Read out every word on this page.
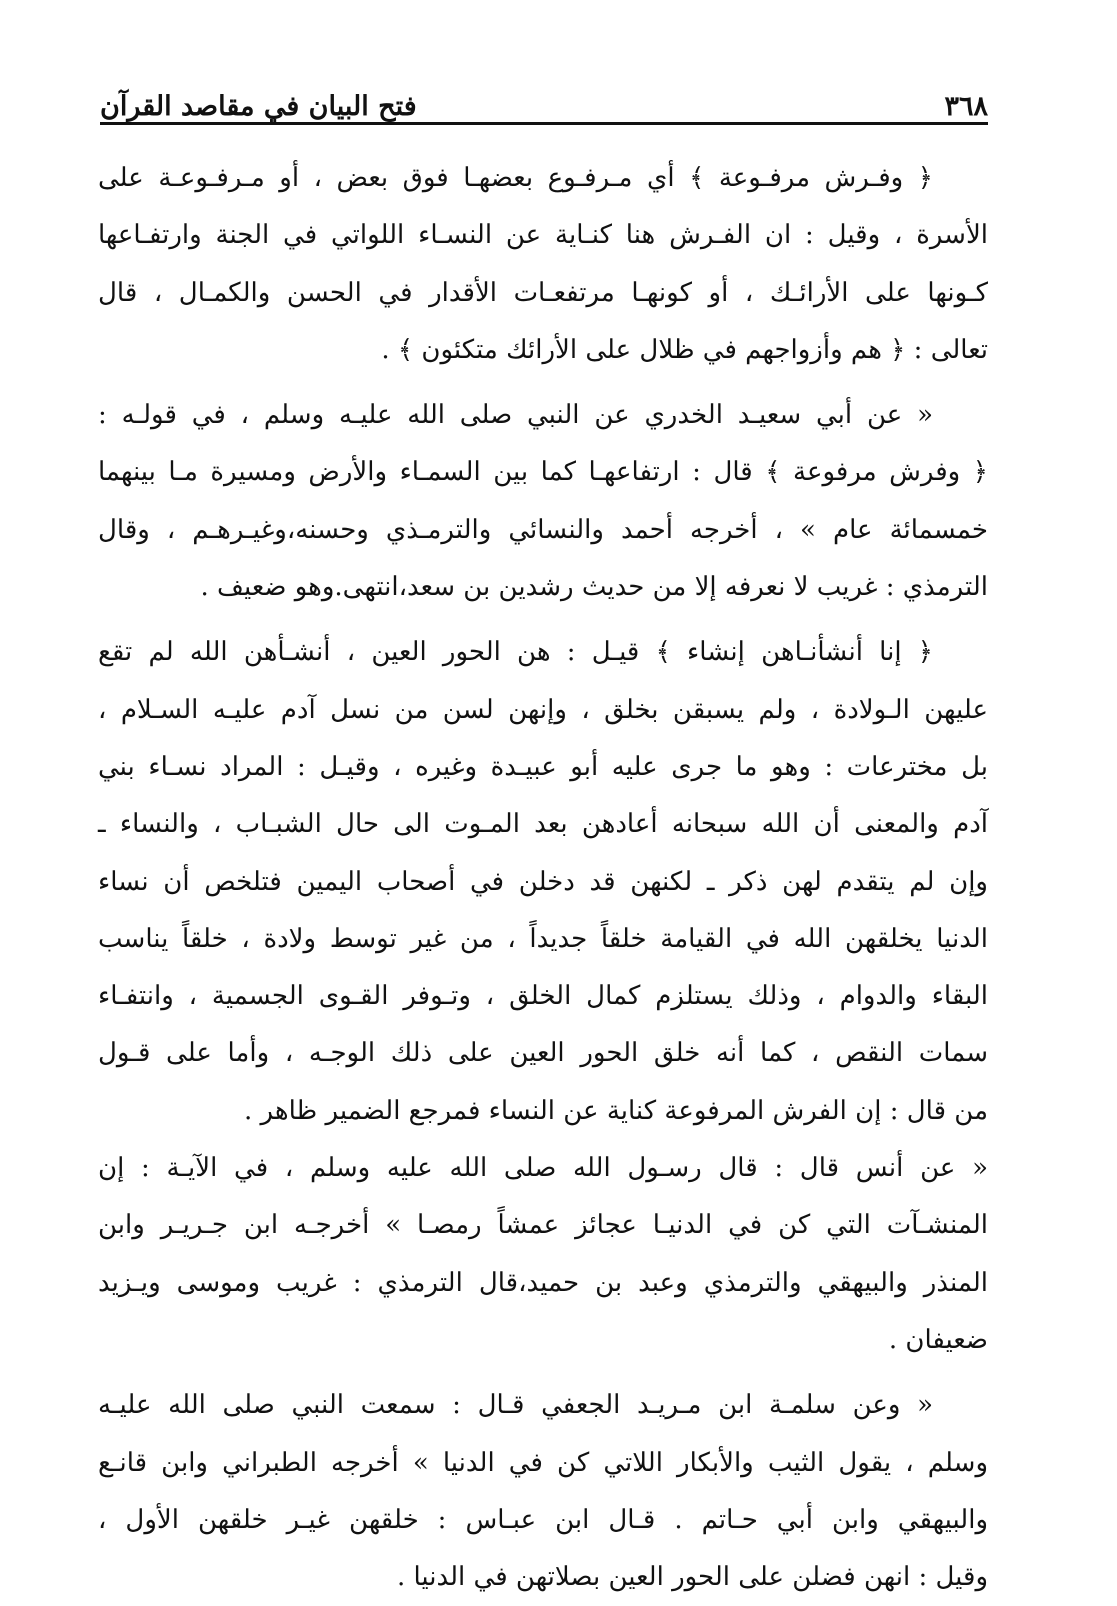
٣٦٨
فتح البيان في مقاصد القرآن
﴿ وفـرش مرفـوعة ﴾ أي مـرفـوع بعضهـا فوق بعض ، أو مـرفـوعـة على
الأسرة ، وقيل : ان الفـرش هنا كنـاية عن النسـاء اللواتي في الجنة وارتفـاعها
كـونها على الأرائـك ، أو كونهـا مرتفعـات الأقدار في الحسن والكمـال ، قال
تعالى : ﴿ هم وأزواجهم في ظلال على الأرائك متكئون ﴾ .
« عن أبي سعيـد الخدري عن النبي صلى الله عليـه وسلم ، في قولـه :
﴿ وفرش مرفوعة ﴾ قال : ارتفاعهـا كما بين السمـاء والأرض ومسيرة مـا بينهما
خمسمائة عام » ، أخرجه أحمد والنسائي والترمـذي وحسنه،وغيـرهـم ، وقال
الترمذي : غريب لا نعرفه إلا من حديث رشدين بن سعد،انتهى.وهو ضعيف .
﴿ إنا أنشأنـاهن إنشاء ﴾ قيـل : هن الحور العين ، أنشـأهن الله لم تقع
عليهن الـولادة ، ولم يسبقن بخلق ، وإنهن لسن من نسل آدم عليـه السـلام ،
بل مخترعات : وهو ما جرى عليه أبو عبيـدة وغيره ، وقيـل : المراد نسـاء بني
آدم والمعنى أن الله سبحانه أعادهن بعد المـوت الى حال الشبـاب ، والنساء ـ
وإن لم يتقدم لهن ذكر ـ لكنهن قد دخلن في أصحاب اليمين فتلخص أن نساء
الدنيا يخلقهن الله في القيامة خلقاً جديداً ، من غير توسط ولادة ، خلقاً يناسب
البقاء والدوام ، وذلك يستلزم كمال الخلق ، وتـوفر القـوى الجسمية ، وانتفـاء
سمات النقص ، كما أنه خلق الحور العين على ذلك الوجـه ، وأما على قـول
من قال : إن الفرش المرفوعة كناية عن النساء فمرجع الضمير ظاهر .
« عن أنس قال : قال رسـول الله صلى الله عليه وسلم ، في الآيـة : إن
المنشـآت التي كن في الدنيـا عجائز عمشاً رمصـا » أخرجـه ابن جـريـر وابن
المنذر والبيهقي والترمذي وعبد بن حميد،قال الترمذي : غريب وموسى ويـزيد
ضعيفان .
« وعن سلمـة ابن مـريـد الجعفي قـال : سمعت النبي صلى الله عليـه
وسلم ، يقول الثيب والأبكار اللاتي كن في الدنيا » أخرجه الطبراني وابن قانـع
والبيهقي وابن أبي حـاتم . قـال ابن عبـاس : خلقهن غيـر خلقهن الأول ،
وقيل : انهن فضلن على الحور العين بصلاتهن في الدنيا .
